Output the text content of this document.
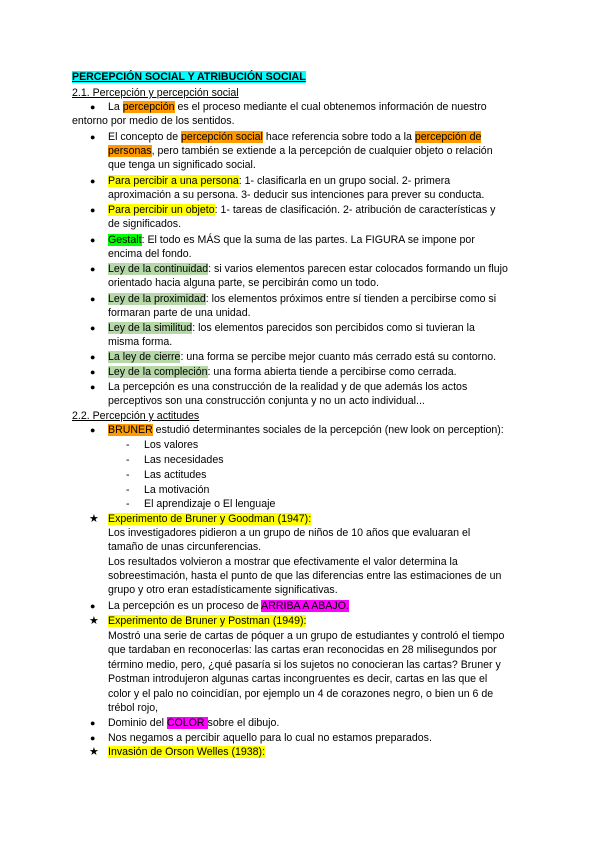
PERCEPCIÓN SOCIAL Y ATRIBUCIÓN SOCIAL
2.1. Percepción y percepción social
● La percepción es el proceso mediante el cual obtenemos información de nuestro
entorno por medio de los sentidos.
● El concepto de percepción social hace referencia sobre todo a la percepción de
personas, pero también se extiende a la percepción de cualquier objeto o relación
que tenga un significado social.
● Para percibir a una persona: 1- clasificarla en un grupo social. 2- primera
aproximación a su persona. 3- deducir sus intenciones para prever su conducta.
● Para percibir un objeto: 1- tareas de clasificación. 2- atribución de características y
de significados.
● Gestalt: El todo es MÁS que la suma de las partes. La FIGURA se impone por
encima del fondo.
● Ley de la continuidad: si varios elementos parecen estar colocados formando un flujo
orientado hacia alguna parte, se percibirán como un todo.
● Ley de la proximidad: los elementos próximos entre sí tienden a percibirse como si
formaran parte de una unidad.
● Ley de la similitud: los elementos parecidos son percibidos como si tuvieran la
misma forma.
● La ley de cierre: una forma se percibe mejor cuanto más cerrado está su contorno.
● Ley de la compleción: una forma abierta tiende a percibirse como cerrada.
● La percepción es una construcción de la realidad y de que además los actos
perceptivos son una construcción conjunta y no un acto individual...
2.2. Percepción y actitudes
● BRUNER estudió determinantes sociales de la percepción (new look on perception):
- Los valores
- Las necesidades
- Las actitudes
- La motivación
- El aprendizaje o El lenguaje
★ Experimento de Bruner y Goodman (1947):
Los investigadores pidieron a un grupo de niños de 10 años que evaluaran el
tamaño de unas circunferencias.
Los resultados volvieron a mostrar que efectivamente el valor determina la
sobreestimación, hasta el punto de que las diferencias entre las estimaciones de un
grupo y otro eran estadísticamente significativas.
● La percepción es un proceso de ARRIBA A ABAJO.
★ Experimento de Bruner y Postman (1949):
Mostró una serie de cartas de póquer a un grupo de estudiantes y controló el tiempo
que tardaban en reconocerlas: las cartas eran reconocidas en 28 milisegundos por
término medio, pero, ¿qué pasaría si los sujetos no conocieran las cartas? Bruner y
Postman introdujeron algunas cartas incongruentes es decir, cartas en las que el
color y el palo no coincidían, por ejemplo un 4 de corazones negro, o bien un 6 de
trébol rojo,
● Dominio del COLOR sobre el dibujo.
● Nos negamos a percibir aquello para lo cual no estamos preparados.
★ Invasión de Orson Welles (1938):
